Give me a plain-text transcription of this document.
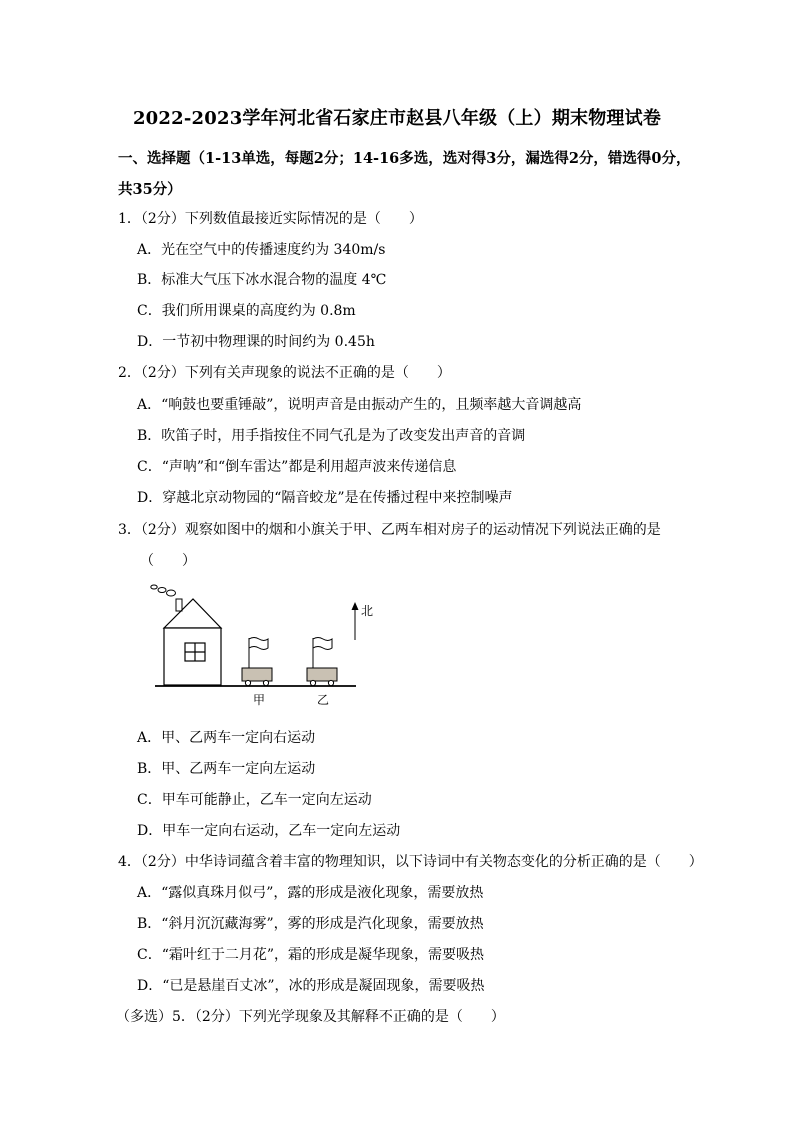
2022-2023学年河北省石家庄市赵县八年级（上）期末物理试卷
一、选择题（1-13单选，每题2分；14-16多选，选对得3分，漏选得2分，错选得0分，
共35分）
1．（2分）下列数值最接近实际情况的是（　　）
A．光在空气中的传播速度约为 340m/s
B．标准大气压下冰水混合物的温度 4℃
C．我们所用课桌的高度约为 0.8m
D．一节初中物理课的时间约为 0.45h
2．（2分）下列有关声现象的说法不正确的是（　　）
A．“响鼓也要重锤敲”，说明声音是由振动产生的，且频率越大音调越高
B．吹笛子时，用手指按住不同气孔是为了改变发出声音的音调
C．“声呐”和“倒车雷达”都是利用超声波来传递信息
D．穿越北京动物园的“隔音蛟龙”是在传播过程中来控制噪声
3．（2分）观察如图中的烟和小旗关于甲、乙两车相对房子的运动情况下列说法正确的是
（　　）
北
甲	乙
A．甲、乙两车一定向右运动
B．甲、乙两车一定向左运动
C．甲车可能静止，乙车一定向左运动
D．甲车一定向右运动，乙车一定向左运动
4．（2分）中华诗词蕴含着丰富的物理知识，以下诗词中有关物态变化的分析正确的是（　　）
A．“露似真珠月似弓”，露的形成是液化现象，需要放热
B．“斜月沉沉藏海雾”，雾的形成是汽化现象，需要放热
C．“霜叶红于二月花”，霜的形成是凝华现象，需要吸热
D．“已是悬崖百丈冰”，冰的形成是凝固现象，需要吸热
（多选）5．（2分）下列光学现象及其解释不正确的是（　　）
